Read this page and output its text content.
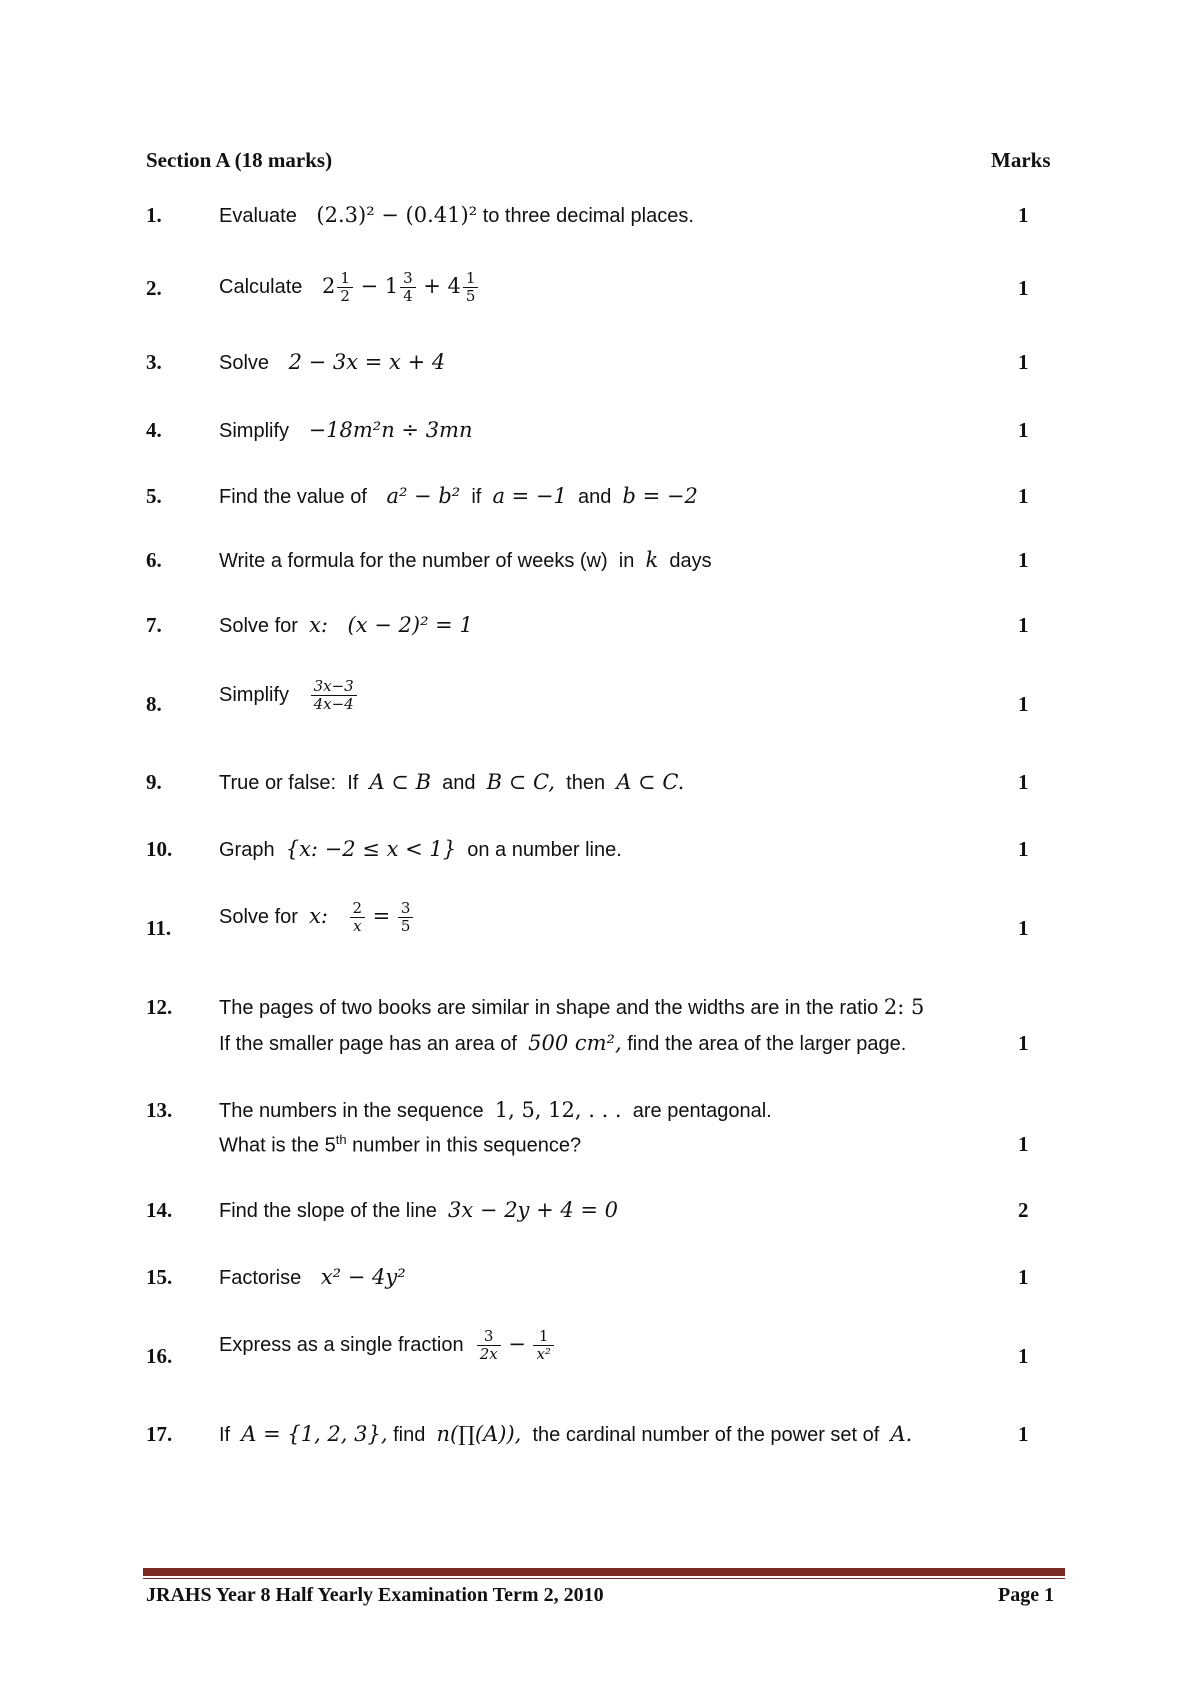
Section A (18 marks)	Marks
1.	Evaluate (2.3)² − (0.41)² to three decimal places.	1
2.	Calculate $2 \frac{1}{2} - 1 \frac{3}{4} + 4 \frac{1}{5}$	1
3.	Solve 2 − 3x = x + 4	1
4.	Simplify −18m²n ÷ 3mn	1
5.	Find the value of a² − b² if a = −1 and b = −2	1
6.	Write a formula for the number of weeks (w) in k days	1
7.	Solve for x: (x − 2)² = 1	1
8.	Simplify $\frac{3x-3}{4x-4}$	1
9.	True or false: If A ⊂ B and B ⊂ C, then A ⊂ C.	1
10. Graph {x: −2 ≤ x < 1} on a number line.	1
11. Solve for x: $\frac{2}{x} = \frac{3}{5}$	1
12. The pages of two books are similar in shape and the widths are in the ratio 2: 5
If the smaller page has an area of 500 cm², find the area of the larger page.	1
13. The numbers in the sequence 1, 5, 12, . . . are pentagonal.
What is the 5th number in this sequence?	1
14. Find the slope of the line 3x − 2y + 4 = 0	2
15. Factorise x² − 4y²	1
16. Express as a single fraction $\frac{3}{2x} - \frac{1}{\text{x²}}$	1
17. If A = {1, 2, 3}, find n(∏(A)), the cardinal number of the power set of A.	1
JRAHS Year 8 Half Yearly Examination Term 2, 2010	Page 1
